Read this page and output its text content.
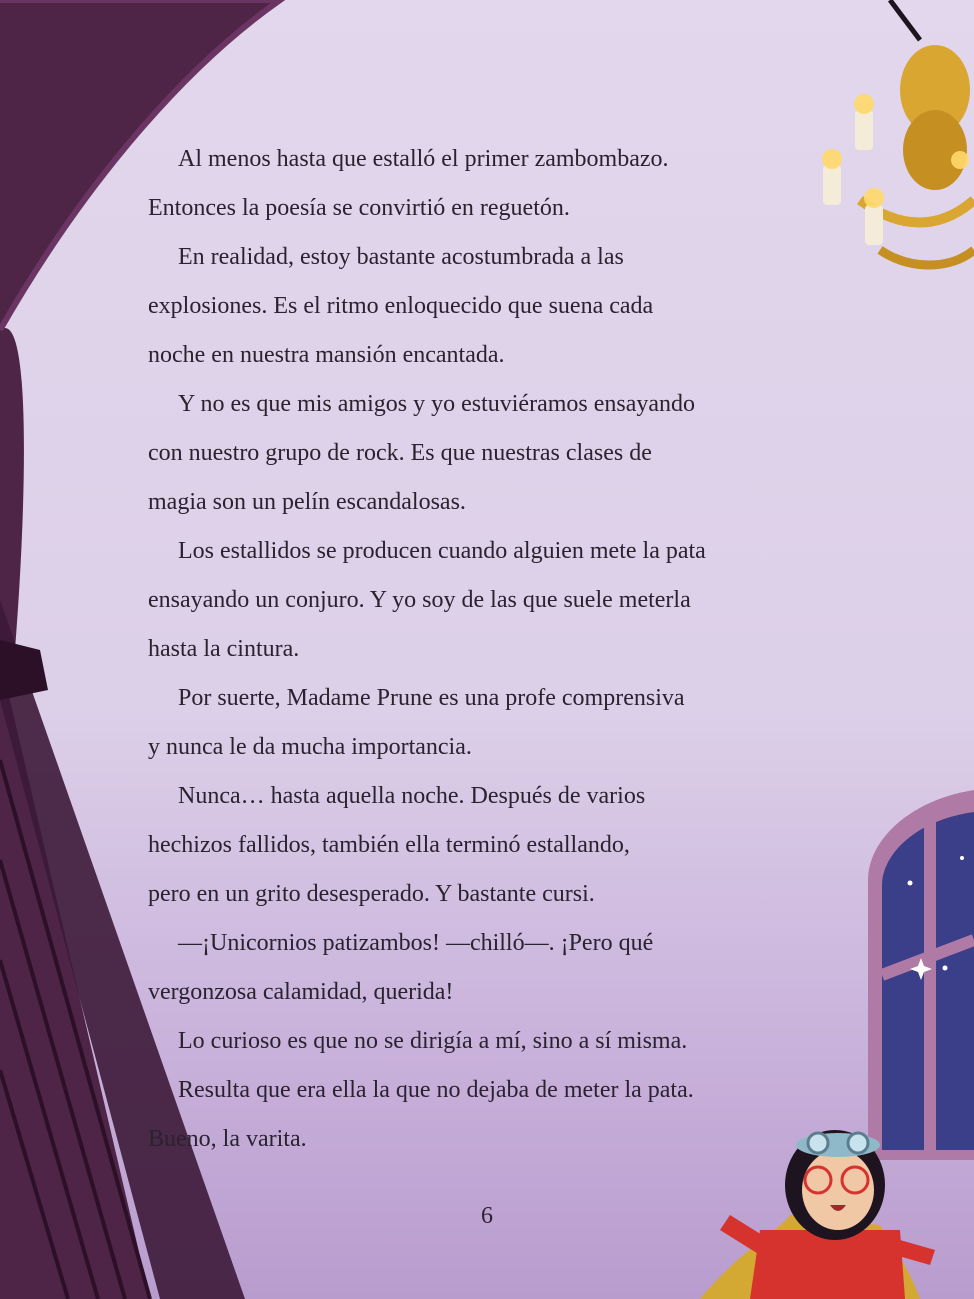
Al menos hasta que estalló el primer zambombazo.
Entonces la poesía se convirtió en reguetón.

En realidad, estoy bastante acostumbrada a las
explosiones. Es el ritmo enloquecido que suena cada
noche en nuestra mansión encantada.

Y no es que mis amigos y yo estuviéramos ensayando
con nuestro grupo de rock. Es que nuestras clases de
magia son un pelín escandalosas.

Los estallidos se producen cuando alguien mete la pata
ensayando un conjuro. Y yo soy de las que suele meterla
hasta la cintura.

Por suerte, Madame Prune es una profe comprensiva
y nunca le da mucha importancia.

Nunca… hasta aquella noche. Después de varios
hechizos fallidos, también ella terminó estallando,
pero en un grito desesperado. Y bastante cursi.

—¡Unicornios patizambos! —chilló—. ¡Pero qué
vergonzosa calamidad, querida!

Lo curioso es que no se dirigía a mí, sino a sí misma.

Resulta que era ella la que no dejaba de meter la pata.
Bueno, la varita.

6
